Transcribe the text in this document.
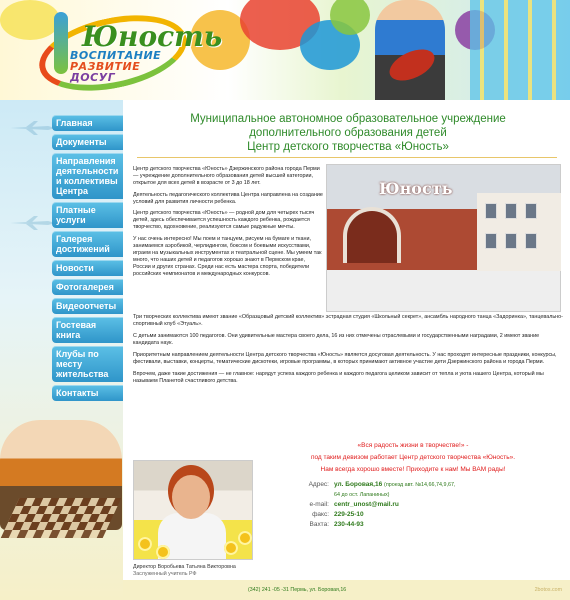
Юность
ВОСПИТАНИЕ
РАЗВИТИЕ
ДОСУГ
Главная
Документы
Направления деятельности и коллективы Центра
Платные услуги
Галерея достижений
Новости
Фотогалерея
Видеоотчеты
Гостевая книга
Клубы по месту жительства
Контакты
Муниципальное автономное образовательное учреждение
дополнительного образования детей
Центр детского творчества «Юность»

Центр детского творчества «Юность» Дзержинского района города Перми — учреждение дополнительного образования детей высшей категории, открытое для всех детей в возрасте от 3 до 18 лет.

Деятельность педагогического коллектива Центра направлена на создание условий для развития личности ребенка.

Центр детского творчества «Юность» — родной дом для четырех тысяч детей, здесь обеспечивается успешность каждого ребенка, рождается творчество, вдохновение, реализуются самые радужные мечты.

У нас очень интересно! Мы поем и танцуем, рисуем на бумаге и ткани, занимаемся аэробикой, черлидингом, боксом и боевыми искусствами, играем на музыкальных инструментах и театральной сцене. Мы умеем так много, что наших детей и педагогов хорошо знают в Пермском крае, России и других странах. Среди нас есть мастера спорта, победители российских чемпионатов и международных конкурсов.

Юность

Три творческих коллектива имеют звание «Образцовый детский коллектив» эстрадная студия «Школьный секрет», ансамбль народного танца «Задоринка», танцевально-спортивный клуб «Этуаль».

С детьми занимаются 100 педагогов. Они удивительные мастера своего дела, 16 из них отмечены отраслевыми и государственными наградами, 2 имеют звание кандидата наук.

Приоритетным направлением деятельности Центра детского творчества «Юность» является досуговая деятельность. У нас проходят интересные праздники, конкурсы, фестивали, выставки, концерты, тематические дискотеки, игровые программы, в которых принимают активное участие дети Дзержинского района и города Перми.

Впрочем, даже такие достижения — не главное: нарядут успеха каждого ребенка и каждого педагога целиком зависит от тепла и уюта нашего Центра, который мы называем Планетой счастливого детства.

Директор Воробьева Татьяна Викторовна
Заслуженный учитель РФ
«Вся радость жизни в творчестве!» -
под таким девизом работает Центр детского творчества «Юность».
Нам всегда хорошо вместе! Приходите к нам! Мы ВАМ рады!
Адрес: ул. Боровая,16 (проезд авт. №14,66,74,9,67,
64 до ост. Лапаниных)
e-mail: centr_unost@mail.ru
факс: 229-25-10
Вахта: 230-44-93
(342) 241 -05 -31 Пермь, ул. Боровая,16	2botos.com
